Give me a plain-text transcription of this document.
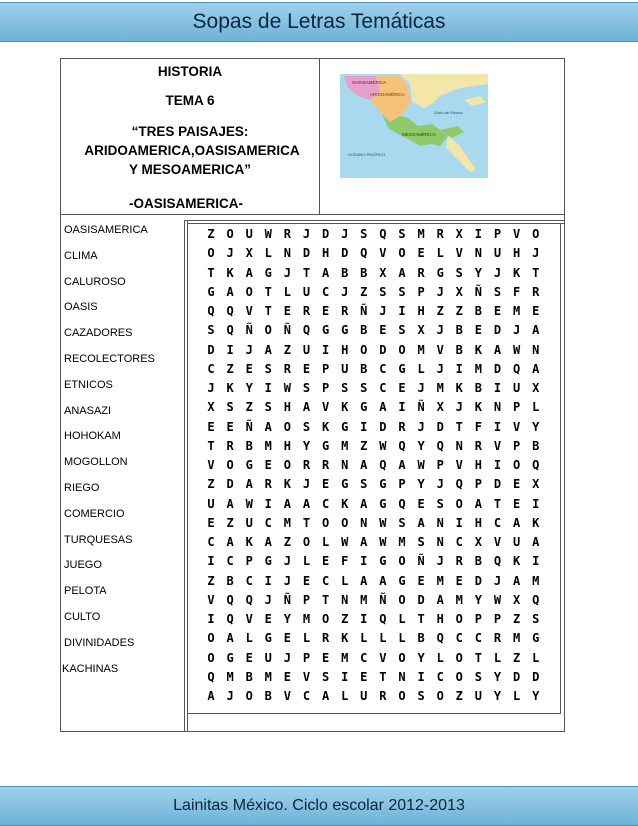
Sopas de Letras Temáticas
HISTORIA
TEMA 6
“TRES PAISAJES:
ARIDOAMERICA,OASISAMERICA
Y MESOAMERICA”
-OASISAMERICA-
OASISAMÉRICA
ARIDOAMÉRICA
MESOAMÉRICA
Golfo de México
OCÉANO PACÍFICO
OASISAMERICA
CLIMA
CALUROSO
OASIS
CAZADORES
RECOLECTORES
ETNICOS
ANASAZI
HOHOKAM
MOGOLLON
RIEGO
COMERCIO
TURQUESAS
JUEGO
PELOTA
CULTO
DIVINIDADES
KACHINAS
Z O U W R J D J S Q S M R X I P V O
O J X L N D H D Q V O E L V N U H J
T K A G J T A B B X A R G S Y J K T
G A O T L U C J Z S S P J X Ñ S F R
Q Q V T E R E R Ñ J I H Z Z B E M E
S Q Ñ O Ñ Q G G B E S X J B E D J A
D I J A Z U I H O D O M V B K A W N
C Z E S R E P U B C G L J I M D Q A
J K Y I W S P S S C E J M K B I U X
X S Z S H A V K G A I Ñ X J K N P L
E E Ñ A O S K G I D R J D T F I V Y
T R B M H Y G M Z W Q Y Q N R V P B
V O G E O R R N A Q A W P V H I O Q
Z D A R K J E G S G P Y J Q P D E X
U A W I A A C K A G Q E S O A T E I
E Z U C M T O O N W S A N I H C A K
C A K A Z O L W A W M S N C X V U A
I C P G J L E F I G O Ñ J R B Q K I
Z B C I J E C L A A G E M E D J A M
V Q Q J Ñ P T N M Ñ O D A M Y W X Q
I Q V E Y M O Z I Q L T H O P P Z S
O A L G E L R K L L L B Q C C R M G
O G E U J P E M C V O Y L O T L Z L
Q M B M E V S I E T N I C O S Y D D
A J O B V C A L U R O S O Z U Y L Y
Lainitas México. Ciclo escolar 2012-2013
